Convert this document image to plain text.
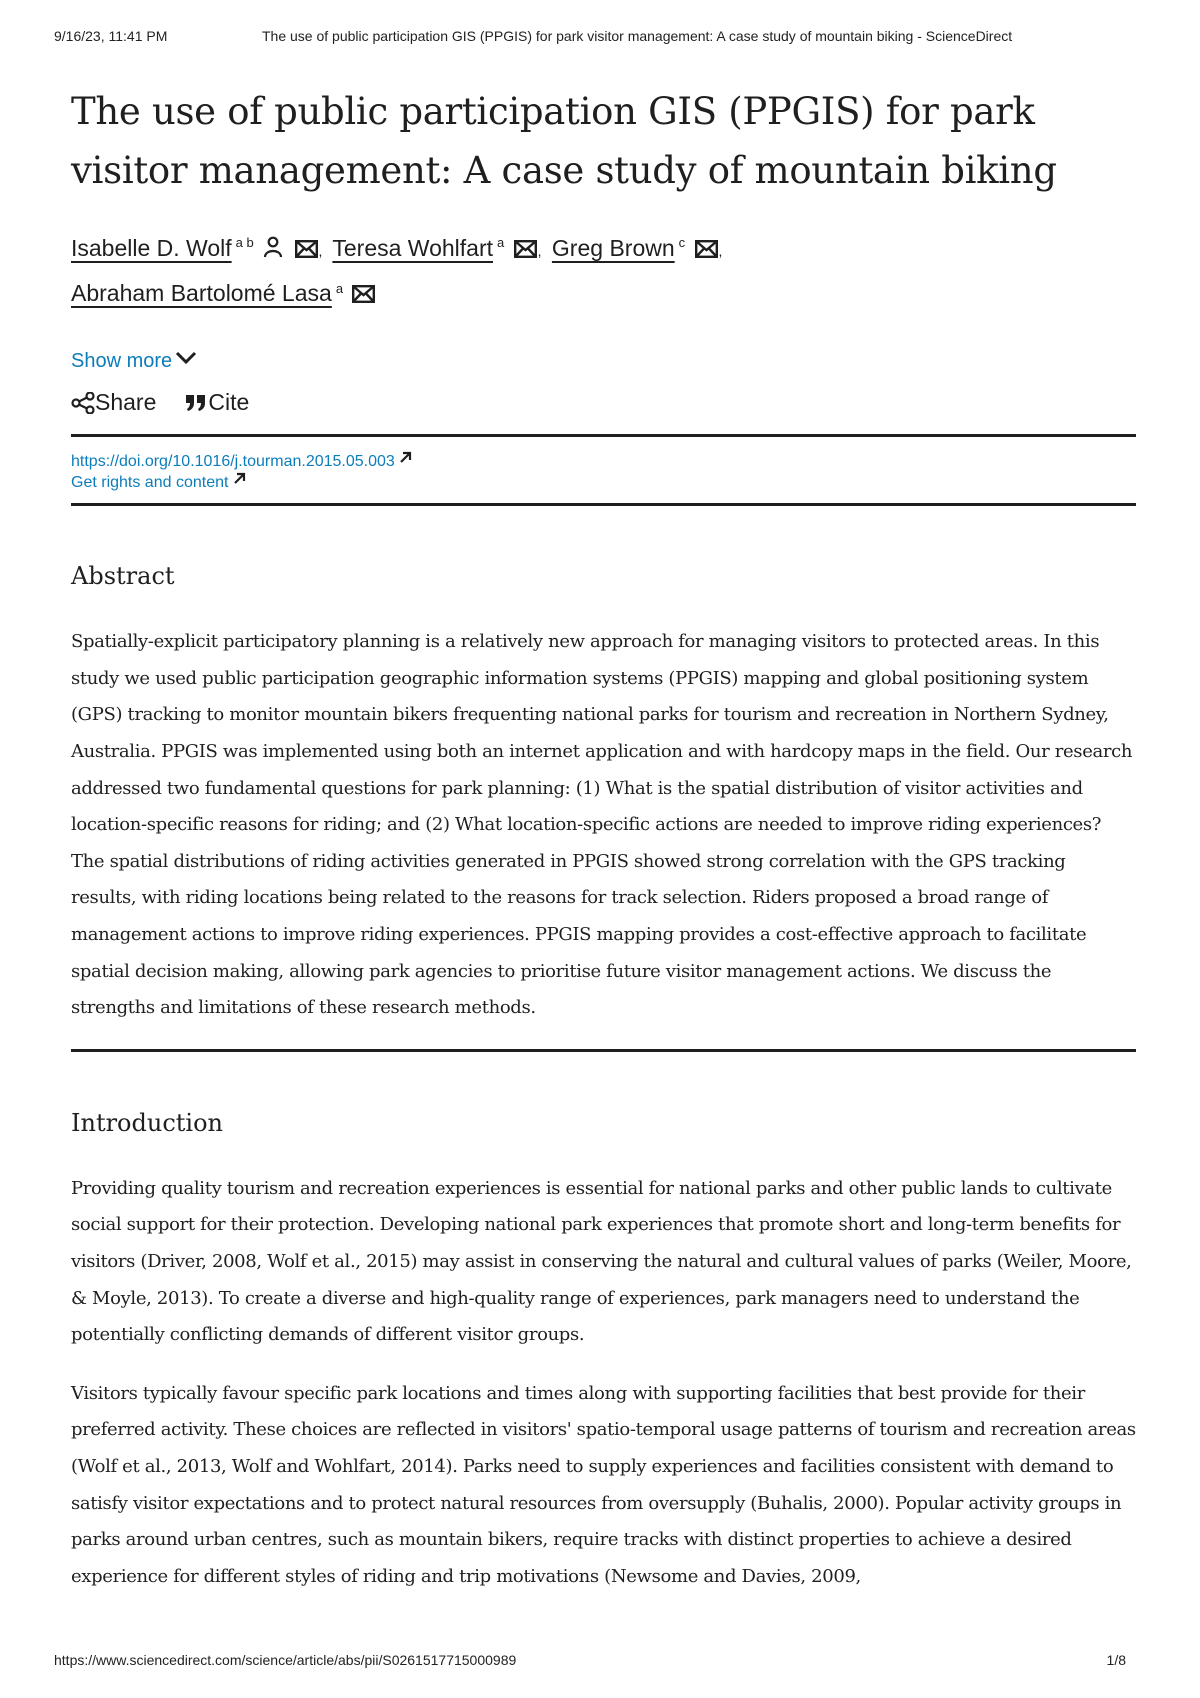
9/16/23, 11:41 PM	The use of public participation GIS (PPGIS) for park visitor management: A case study of mountain biking - ScienceDirect
The use of public participation GIS (PPGIS) for park visitor management: A case study of mountain biking
Isabelle D. Wolf $^{a b}$  , Teresa Wohlfart $^a$ , Greg Brown $^c$ ,
Abraham Bartolomé Lasa $^a$
Show more
Share Cite
https://doi.org/10.1016/j.tourman.2015.05.003
Get rights and content
Abstract

Spatially-explicit participatory planning is a relatively new approach for managing visitors to protected areas. In this study we used public participation geographic information systems (PPGIS) mapping and global positioning system (GPS) tracking to monitor mountain bikers frequenting national parks for tourism and recreation in Northern Sydney, Australia. PPGIS was implemented using both an internet application and with hardcopy maps in the field. Our research addressed two fundamental questions for park planning: (1) What is the spatial distribution of visitor activities and location-specific reasons for riding; and (2) What location-specific actions are needed to improve riding experiences? The spatial distributions of riding activities generated in PPGIS showed strong correlation with the GPS tracking results, with riding locations being related to the reasons for track selection. Riders proposed a broad range of management actions to improve riding experiences. PPGIS mapping provides a cost-effective approach to facilitate spatial decision making, allowing park agencies to prioritise future visitor management actions. We discuss the strengths and limitations of these research methods.

Introduction

Providing quality tourism and recreation experiences is essential for national parks and other public lands to cultivate social support for their protection. Developing national park experiences that promote short and long-term benefits for visitors (Driver, 2008, Wolf et al., 2015) may assist in conserving the natural and cultural values of parks (Weiler, Moore, & Moyle, 2013). To create a diverse and high-quality range of experiences, park managers need to understand the potentially conflicting demands of different visitor groups.

Visitors typically favour specific park locations and times along with supporting facilities that best provide for their preferred activity. These choices are reflected in visitors' spatio-temporal usage patterns of tourism and recreation areas (Wolf et al., 2013, Wolf and Wohlfart, 2014). Parks need to supply experiences and facilities consistent with demand to satisfy visitor expectations and to protect natural resources from oversupply (Buhalis, 2000). Popular activity groups in parks around urban centres, such as mountain bikers, require tracks with distinct properties to achieve a desired experience for different styles of riding and trip motivations (Newsome and Davies, 2009,

https://www.sciencedirect.com/science/article/abs/pii/S0261517715000989	1/8
